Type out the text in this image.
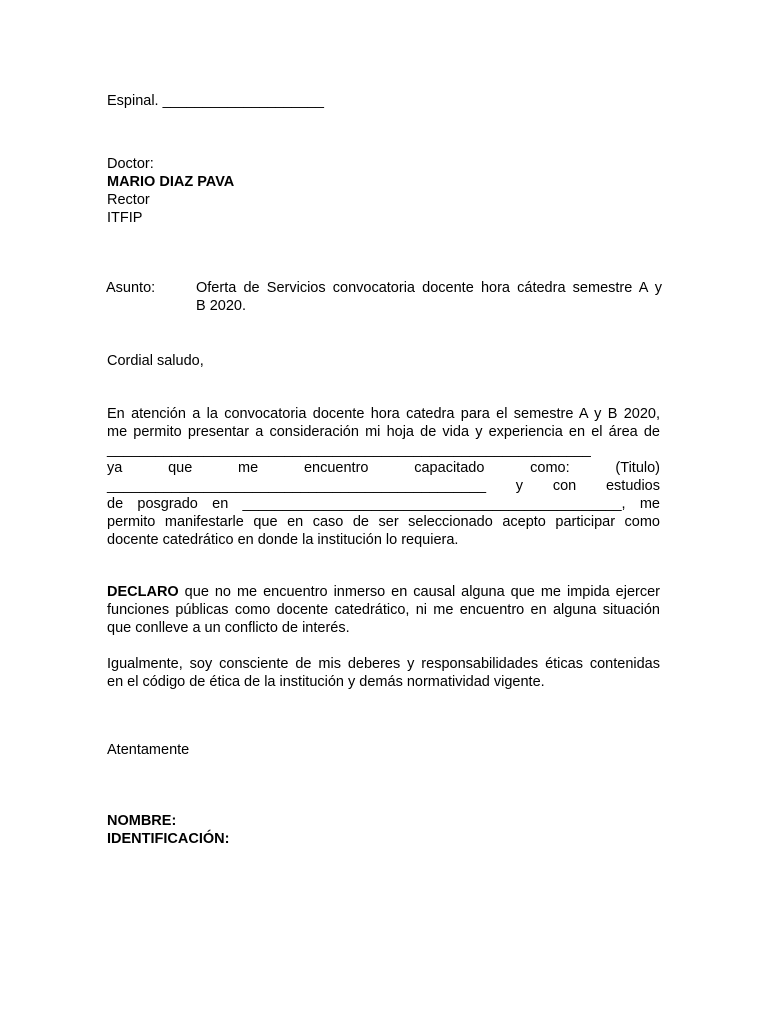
Espinal. ____________________
Doctor:
MARIO DIAZ PAVA
Rector
ITFIP
Asunto:	Oferta de Servicios convocatoria docente hora cátedra semestre A y
B 2020.
Cordial saludo,
En atención a la convocatoria docente hora catedra para el semestre A y B 2020,
me permito presentar a consideración mi hoja de vida y experiencia en el área de
____________________________________________________________
ya que me encuentro capacitado como: (Titulo)
_______________________________________________ y con estudios
de posgrado en _______________________________________________, me
permito manifestarle que en caso de ser seleccionado acepto participar como
docente catedrático en donde la institución lo requiera.
DECLARO que no me encuentro inmerso en causal alguna que me impida ejercer
funciones públicas como docente catedrático, ni me encuentro en alguna situación
que conlleve a un conflicto de interés.
Igualmente, soy consciente de mis deberes y responsabilidades éticas contenidas
en el código de ética de la institución y demás normatividad vigente.
Atentamente
NOMBRE:
IDENTIFICACIÓN:
